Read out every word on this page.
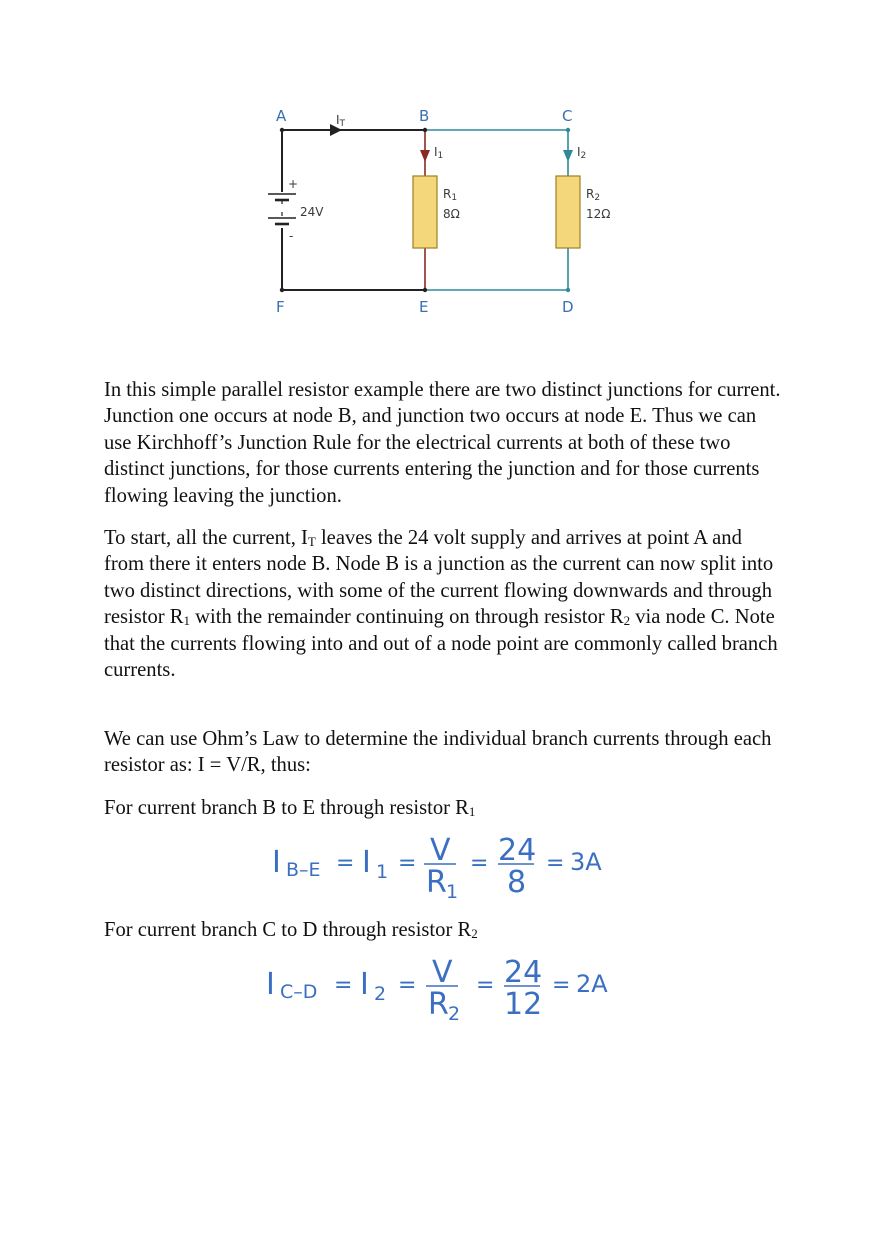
+
-
24V
R1
8Ω
R2
12Ω
IT
I1	I2
A	B	C
F	E	D

In this simple parallel resistor example there are two distinct junctions for current. Junction one occurs at node B, and junction two occurs at node E. Thus we can use Kirchhoff’s Junction Rule for the electrical currents at both of these two distinct junctions, for those currents entering the junction and for those currents flowing leaving the junction.

To start, all the current, $I_T$ leaves the 24 volt supply and arrives at point A and from there it enters node B. Node B is a junction as the current can now split into two distinct directions, with some of the current flowing downwards and through resistor $R_1$ with the remainder continuing on through resistor $R_2$ via node C. Note that the currents flowing into and out of a node point are commonly called branch currents.

We can use Ohm’s Law to determine the individual branch currents through each resistor as: I = V/R, thus:

For current branch B to E through resistor $R_1$

I B–E = I 1 = V
R 1
= 24
8
= 3A

For current branch C to D through resistor $R_2$

I C–D = I 2 = V
R 2
= 24
12
= 2A
